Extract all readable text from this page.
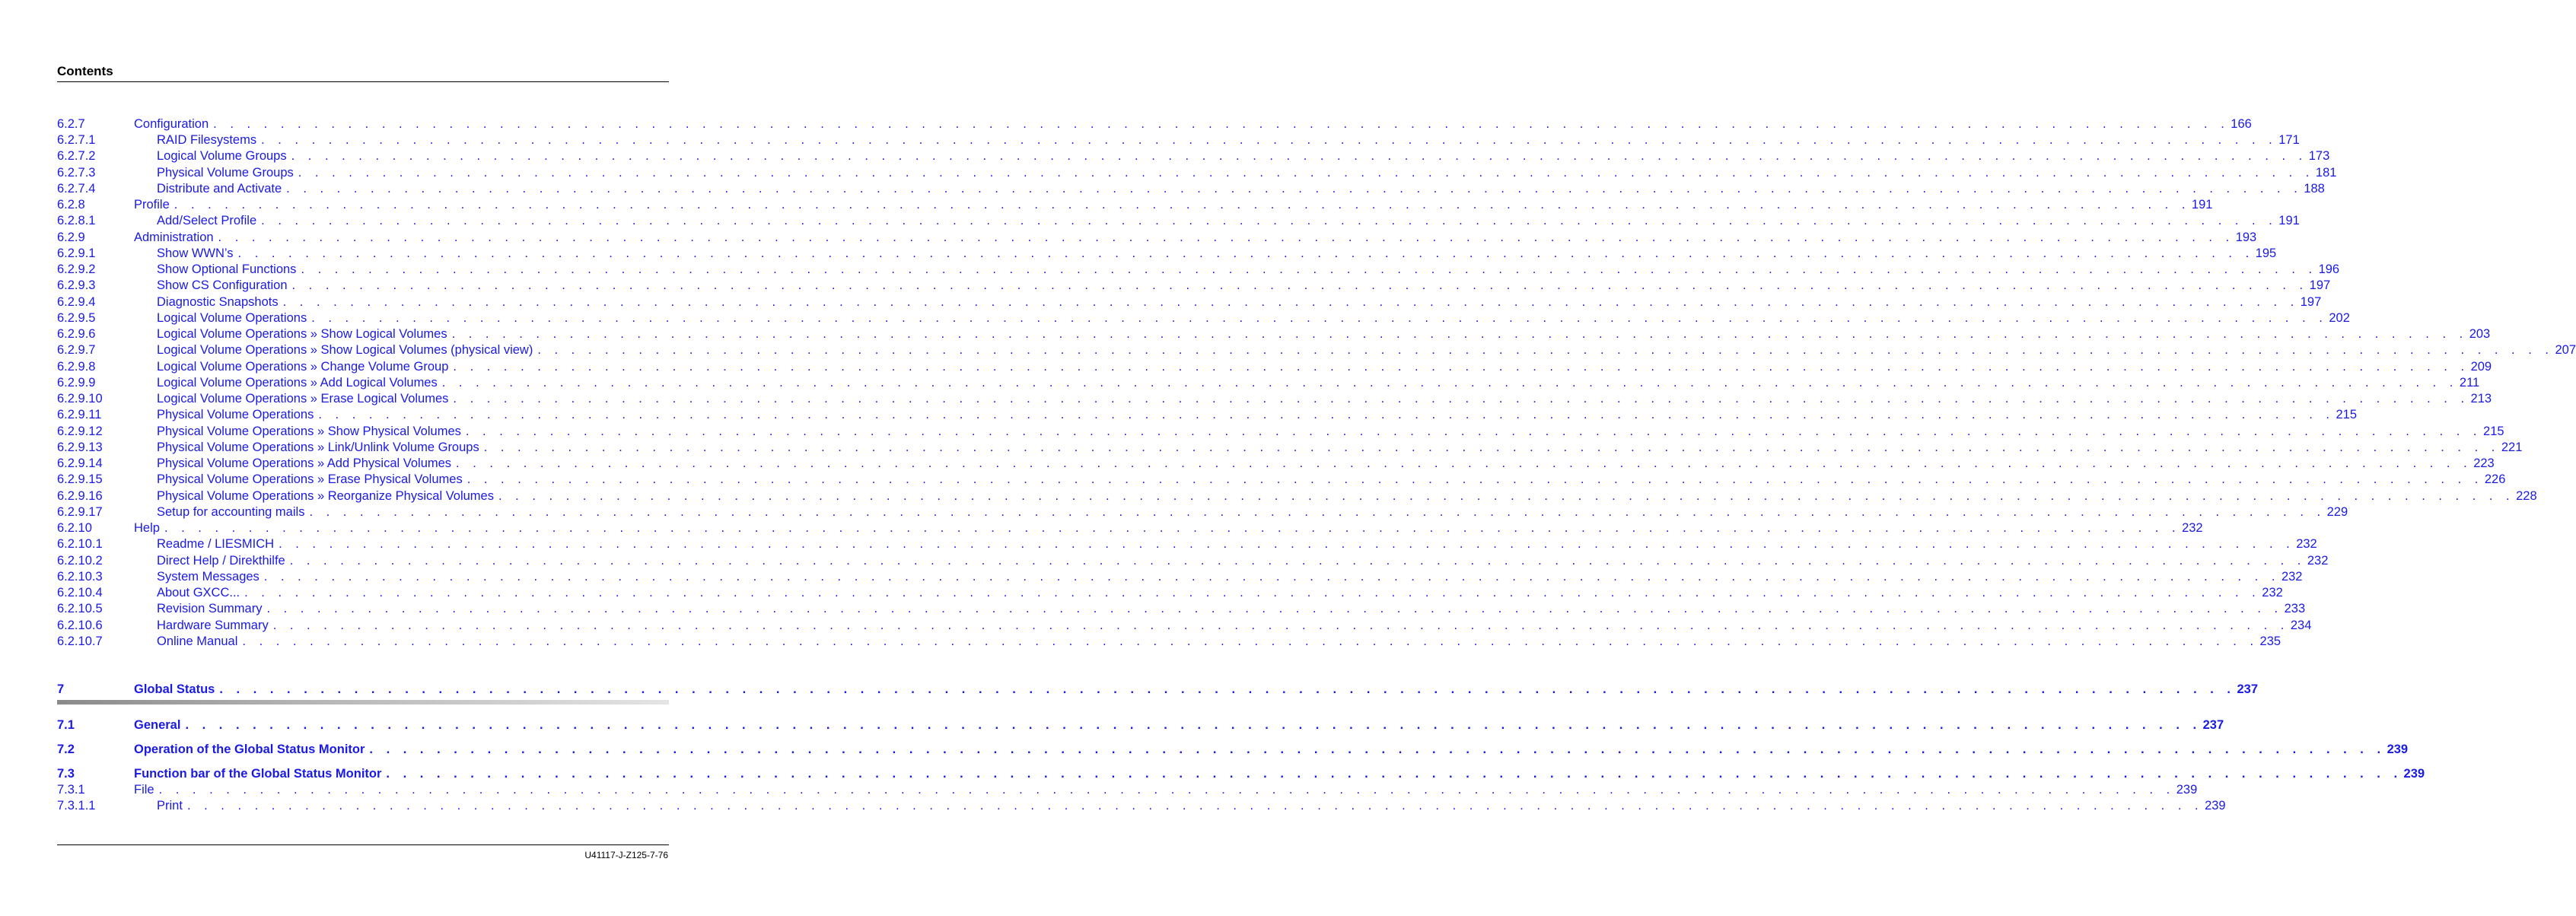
Contents
6.2.7	Configuration . . . . . . . . . . . . . . . . . . . . . . . . . . . . . . . . . . . . . . . . . . . . . . . . . . . . . . . . . . . . . . . . . . . . . . . . . . . . . . . . . . . . . . . . . . . . . . . . . . . . . . . . . . . . . . . . . . . . . . . . 166
6.2.7.1	RAID Filesystems . . . . . . . . . . . . . . . . . . . . . . . . . . . . . . . . . . . . . . . . . . . . . . . . . . . . . . . . . . . . . . . . . . . . . . . . . . . . . . . . . . . . . . . . . . . . . . . . . . . . . . . . . . . . . . . . . . . . . . . . 171
6.2.7.2	Logical Volume Groups . . . . . . . . . . . . . . . . . . . . . . . . . . . . . . . . . . . . . . . . . . . . . . . . . . . . . . . . . . . . . . . . . . . . . . . . . . . . . . . . . . . . . . . . . . . . . . . . . . . . . . . . . . . . . . . . . . . . . . . . 173
6.2.7.3	Physical Volume Groups . . . . . . . . . . . . . . . . . . . . . . . . . . . . . . . . . . . . . . . . . . . . . . . . . . . . . . . . . . . . . . . . . . . . . . . . . . . . . . . . . . . . . . . . . . . . . . . . . . . . . . . . . . . . . . . . . . . . . . . . 181
6.2.7.4	Distribute and Activate . . . . . . . . . . . . . . . . . . . . . . . . . . . . . . . . . . . . . . . . . . . . . . . . . . . . . . . . . . . . . . . . . . . . . . . . . . . . . . . . . . . . . . . . . . . . . . . . . . . . . . . . . . . . . . . . . . . . . . . . 188
6.2.8	Profile . . . . . . . . . . . . . . . . . . . . . . . . . . . . . . . . . . . . . . . . . . . . . . . . . . . . . . . . . . . . . . . . . . . . . . . . . . . . . . . . . . . . . . . . . . . . . . . . . . . . . . . . . . . . . . . . . . . . . . . . 191
6.2.8.1	Add/Select Profile . . . . . . . . . . . . . . . . . . . . . . . . . . . . . . . . . . . . . . . . . . . . . . . . . . . . . . . . . . . . . . . . . . . . . . . . . . . . . . . . . . . . . . . . . . . . . . . . . . . . . . . . . . . . . . . . . . . . . . . . 191
6.2.9	Administration . . . . . . . . . . . . . . . . . . . . . . . . . . . . . . . . . . . . . . . . . . . . . . . . . . . . . . . . . . . . . . . . . . . . . . . . . . . . . . . . . . . . . . . . . . . . . . . . . . . . . . . . . . . . . . . . . . . . . . . . 193
6.2.9.1	Show WWN’s . . . . . . . . . . . . . . . . . . . . . . . . . . . . . . . . . . . . . . . . . . . . . . . . . . . . . . . . . . . . . . . . . . . . . . . . . . . . . . . . . . . . . . . . . . . . . . . . . . . . . . . . . . . . . . . . . . . . . . . . 195
6.2.9.2	Show Optional Functions . . . . . . . . . . . . . . . . . . . . . . . . . . . . . . . . . . . . . . . . . . . . . . . . . . . . . . . . . . . . . . . . . . . . . . . . . . . . . . . . . . . . . . . . . . . . . . . . . . . . . . . . . . . . . . . . . . . . . . . . 196
6.2.9.3	Show CS Configuration . . . . . . . . . . . . . . . . . . . . . . . . . . . . . . . . . . . . . . . . . . . . . . . . . . . . . . . . . . . . . . . . . . . . . . . . . . . . . . . . . . . . . . . . . . . . . . . . . . . . . . . . . . . . . . . . . . . . . . . . 197
6.2.9.4	Diagnostic Snapshots . . . . . . . . . . . . . . . . . . . . . . . . . . . . . . . . . . . . . . . . . . . . . . . . . . . . . . . . . . . . . . . . . . . . . . . . . . . . . . . . . . . . . . . . . . . . . . . . . . . . . . . . . . . . . . . . . . . . . . . . 197
6.2.9.5	Logical Volume Operations . . . . . . . . . . . . . . . . . . . . . . . . . . . . . . . . . . . . . . . . . . . . . . . . . . . . . . . . . . . . . . . . . . . . . . . . . . . . . . . . . . . . . . . . . . . . . . . . . . . . . . . . . . . . . . . . . . . . . . . . 202
6.2.9.6	Logical Volume Operations » Show Logical Volumes . . . . . . . . . . . . . . . . . . . . . . . . . . . . . . . . . . . . . . . . . . . . . . . . . . . . . . . . . . . . . . . . . . . . . . . . . . . . . . . . . . . . . . . . . . . . . . . . . . . . . . . . . . . . . . . . . . . . . . . . 203
6.2.9.7	Logical Volume Operations » Show Logical Volumes (physical view) . . . . . . . . . . . . . . . . . . . . . . . . . . . . . . . . . . . . . . . . . . . . . . . . . . . . . . . . . . . . . . . . . . . . . . . . . . . . . . . . . . . . . . . . . . . . . . . . . . . . . . . . . . . . . . . . . . . . . . . . 207
6.2.9.8	Logical Volume Operations » Change Volume Group . . . . . . . . . . . . . . . . . . . . . . . . . . . . . . . . . . . . . . . . . . . . . . . . . . . . . . . . . . . . . . . . . . . . . . . . . . . . . . . . . . . . . . . . . . . . . . . . . . . . . . . . . . . . . . . . . . . . . . . . 209
6.2.9.9	Logical Volume Operations » Add Logical Volumes . . . . . . . . . . . . . . . . . . . . . . . . . . . . . . . . . . . . . . . . . . . . . . . . . . . . . . . . . . . . . . . . . . . . . . . . . . . . . . . . . . . . . . . . . . . . . . . . . . . . . . . . . . . . . . . . . . . . . . . . 211
6.2.9.10	Logical Volume Operations » Erase Logical Volumes . . . . . . . . . . . . . . . . . . . . . . . . . . . . . . . . . . . . . . . . . . . . . . . . . . . . . . . . . . . . . . . . . . . . . . . . . . . . . . . . . . . . . . . . . . . . . . . . . . . . . . . . . . . . . . . . . . . . . . . . 213
6.2.9.11	Physical Volume Operations . . . . . . . . . . . . . . . . . . . . . . . . . . . . . . . . . . . . . . . . . . . . . . . . . . . . . . . . . . . . . . . . . . . . . . . . . . . . . . . . . . . . . . . . . . . . . . . . . . . . . . . . . . . . . . . . . . . . . . . . 215
6.2.9.12	Physical Volume Operations » Show Physical Volumes . . . . . . . . . . . . . . . . . . . . . . . . . . . . . . . . . . . . . . . . . . . . . . . . . . . . . . . . . . . . . . . . . . . . . . . . . . . . . . . . . . . . . . . . . . . . . . . . . . . . . . . . . . . . . . . . . . . . . . . . 215
6.2.9.13	Physical Volume Operations » Link/Unlink Volume Groups . . . . . . . . . . . . . . . . . . . . . . . . . . . . . . . . . . . . . . . . . . . . . . . . . . . . . . . . . . . . . . . . . . . . . . . . . . . . . . . . . . . . . . . . . . . . . . . . . . . . . . . . . . . . . . . . . . . . . . . . 221
6.2.9.14	Physical Volume Operations » Add Physical Volumes . . . . . . . . . . . . . . . . . . . . . . . . . . . . . . . . . . . . . . . . . . . . . . . . . . . . . . . . . . . . . . . . . . . . . . . . . . . . . . . . . . . . . . . . . . . . . . . . . . . . . . . . . . . . . . . . . . . . . . . . 223
6.2.9.15	Physical Volume Operations » Erase Physical Volumes . . . . . . . . . . . . . . . . . . . . . . . . . . . . . . . . . . . . . . . . . . . . . . . . . . . . . . . . . . . . . . . . . . . . . . . . . . . . . . . . . . . . . . . . . . . . . . . . . . . . . . . . . . . . . . . . . . . . . . . . 226
6.2.9.16	Physical Volume Operations » Reorganize Physical Volumes . . . . . . . . . . . . . . . . . . . . . . . . . . . . . . . . . . . . . . . . . . . . . . . . . . . . . . . . . . . . . . . . . . . . . . . . . . . . . . . . . . . . . . . . . . . . . . . . . . . . . . . . . . . . . . . . . . . . . . . . 228
6.2.9.17	Setup for accounting mails . . . . . . . . . . . . . . . . . . . . . . . . . . . . . . . . . . . . . . . . . . . . . . . . . . . . . . . . . . . . . . . . . . . . . . . . . . . . . . . . . . . . . . . . . . . . . . . . . . . . . . . . . . . . . . . . . . . . . . . . 229
6.2.10	Help . . . . . . . . . . . . . . . . . . . . . . . . . . . . . . . . . . . . . . . . . . . . . . . . . . . . . . . . . . . . . . . . . . . . . . . . . . . . . . . . . . . . . . . . . . . . . . . . . . . . . . . . . . . . . . . . . . . . . . . . 232
6.2.10.1	Readme / LIESMICH . . . . . . . . . . . . . . . . . . . . . . . . . . . . . . . . . . . . . . . . . . . . . . . . . . . . . . . . . . . . . . . . . . . . . . . . . . . . . . . . . . . . . . . . . . . . . . . . . . . . . . . . . . . . . . . . . . . . . . . . 232
6.2.10.2	Direct Help / Direkthilfe . . . . . . . . . . . . . . . . . . . . . . . . . . . . . . . . . . . . . . . . . . . . . . . . . . . . . . . . . . . . . . . . . . . . . . . . . . . . . . . . . . . . . . . . . . . . . . . . . . . . . . . . . . . . . . . . . . . . . . . . 232
6.2.10.3	System Messages . . . . . . . . . . . . . . . . . . . . . . . . . . . . . . . . . . . . . . . . . . . . . . . . . . . . . . . . . . . . . . . . . . . . . . . . . . . . . . . . . . . . . . . . . . . . . . . . . . . . . . . . . . . . . . . . . . . . . . . . 232
6.2.10.4	About GXCC... . . . . . . . . . . . . . . . . . . . . . . . . . . . . . . . . . . . . . . . . . . . . . . . . . . . . . . . . . . . . . . . . . . . . . . . . . . . . . . . . . . . . . . . . . . . . . . . . . . . . . . . . . . . . . . . . . . . . . . . . 232
6.2.10.5	Revision Summary . . . . . . . . . . . . . . . . . . . . . . . . . . . . . . . . . . . . . . . . . . . . . . . . . . . . . . . . . . . . . . . . . . . . . . . . . . . . . . . . . . . . . . . . . . . . . . . . . . . . . . . . . . . . . . . . . . . . . . . . 233
6.2.10.6	Hardware Summary . . . . . . . . . . . . . . . . . . . . . . . . . . . . . . . . . . . . . . . . . . . . . . . . . . . . . . . . . . . . . . . . . . . . . . . . . . . . . . . . . . . . . . . . . . . . . . . . . . . . . . . . . . . . . . . . . . . . . . . . 234
6.2.10.7	Online Manual . . . . . . . . . . . . . . . . . . . . . . . . . . . . . . . . . . . . . . . . . . . . . . . . . . . . . . . . . . . . . . . . . . . . . . . . . . . . . . . . . . . . . . . . . . . . . . . . . . . . . . . . . . . . . . . . . . . . . . . . 235
7	Global Status . . . . . . . . . . . . . . . . . . . . . . . . . . . . . . . . . . . . . . . . . . . . . . . . . . . . . . . . . . . . . . . . . . . . . . . . . . . . . . . . . . . . . . . . . . . . . . . . . . . . . . . . . . . . . . . . . . . . . . . . 237
7.1	General . . . . . . . . . . . . . . . . . . . . . . . . . . . . . . . . . . . . . . . . . . . . . . . . . . . . . . . . . . . . . . . . . . . . . . . . . . . . . . . . . . . . . . . . . . . . . . . . . . . . . . . . . . . . . . . . . . . . . . . . 237
7.2	Operation of the Global Status Monitor . . . . . . . . . . . . . . . . . . . . . . . . . . . . . . . . . . . . . . . . . . . . . . . . . . . . . . . . . . . . . . . . . . . . . . . . . . . . . . . . . . . . . . . . . . . . . . . . . . . . . . . . . . . . . . . . . . . . . . . . 239
7.3	Function bar of the Global Status Monitor . . . . . . . . . . . . . . . . . . . . . . . . . . . . . . . . . . . . . . . . . . . . . . . . . . . . . . . . . . . . . . . . . . . . . . . . . . . . . . . . . . . . . . . . . . . . . . . . . . . . . . . . . . . . . . . . . . . . . . . . 239
7.3.1	File . . . . . . . . . . . . . . . . . . . . . . . . . . . . . . . . . . . . . . . . . . . . . . . . . . . . . . . . . . . . . . . . . . . . . . . . . . . . . . . . . . . . . . . . . . . . . . . . . . . . . . . . . . . . . . . . . . . . . . . . 239
7.3.1.1	Print . . . . . . . . . . . . . . . . . . . . . . . . . . . . . . . . . . . . . . . . . . . . . . . . . . . . . . . . . . . . . . . . . . . . . . . . . . . . . . . . . . . . . . . . . . . . . . . . . . . . . . . . . . . . . . . . . . . . . . . . 239
U41117-J-Z125-7-76
